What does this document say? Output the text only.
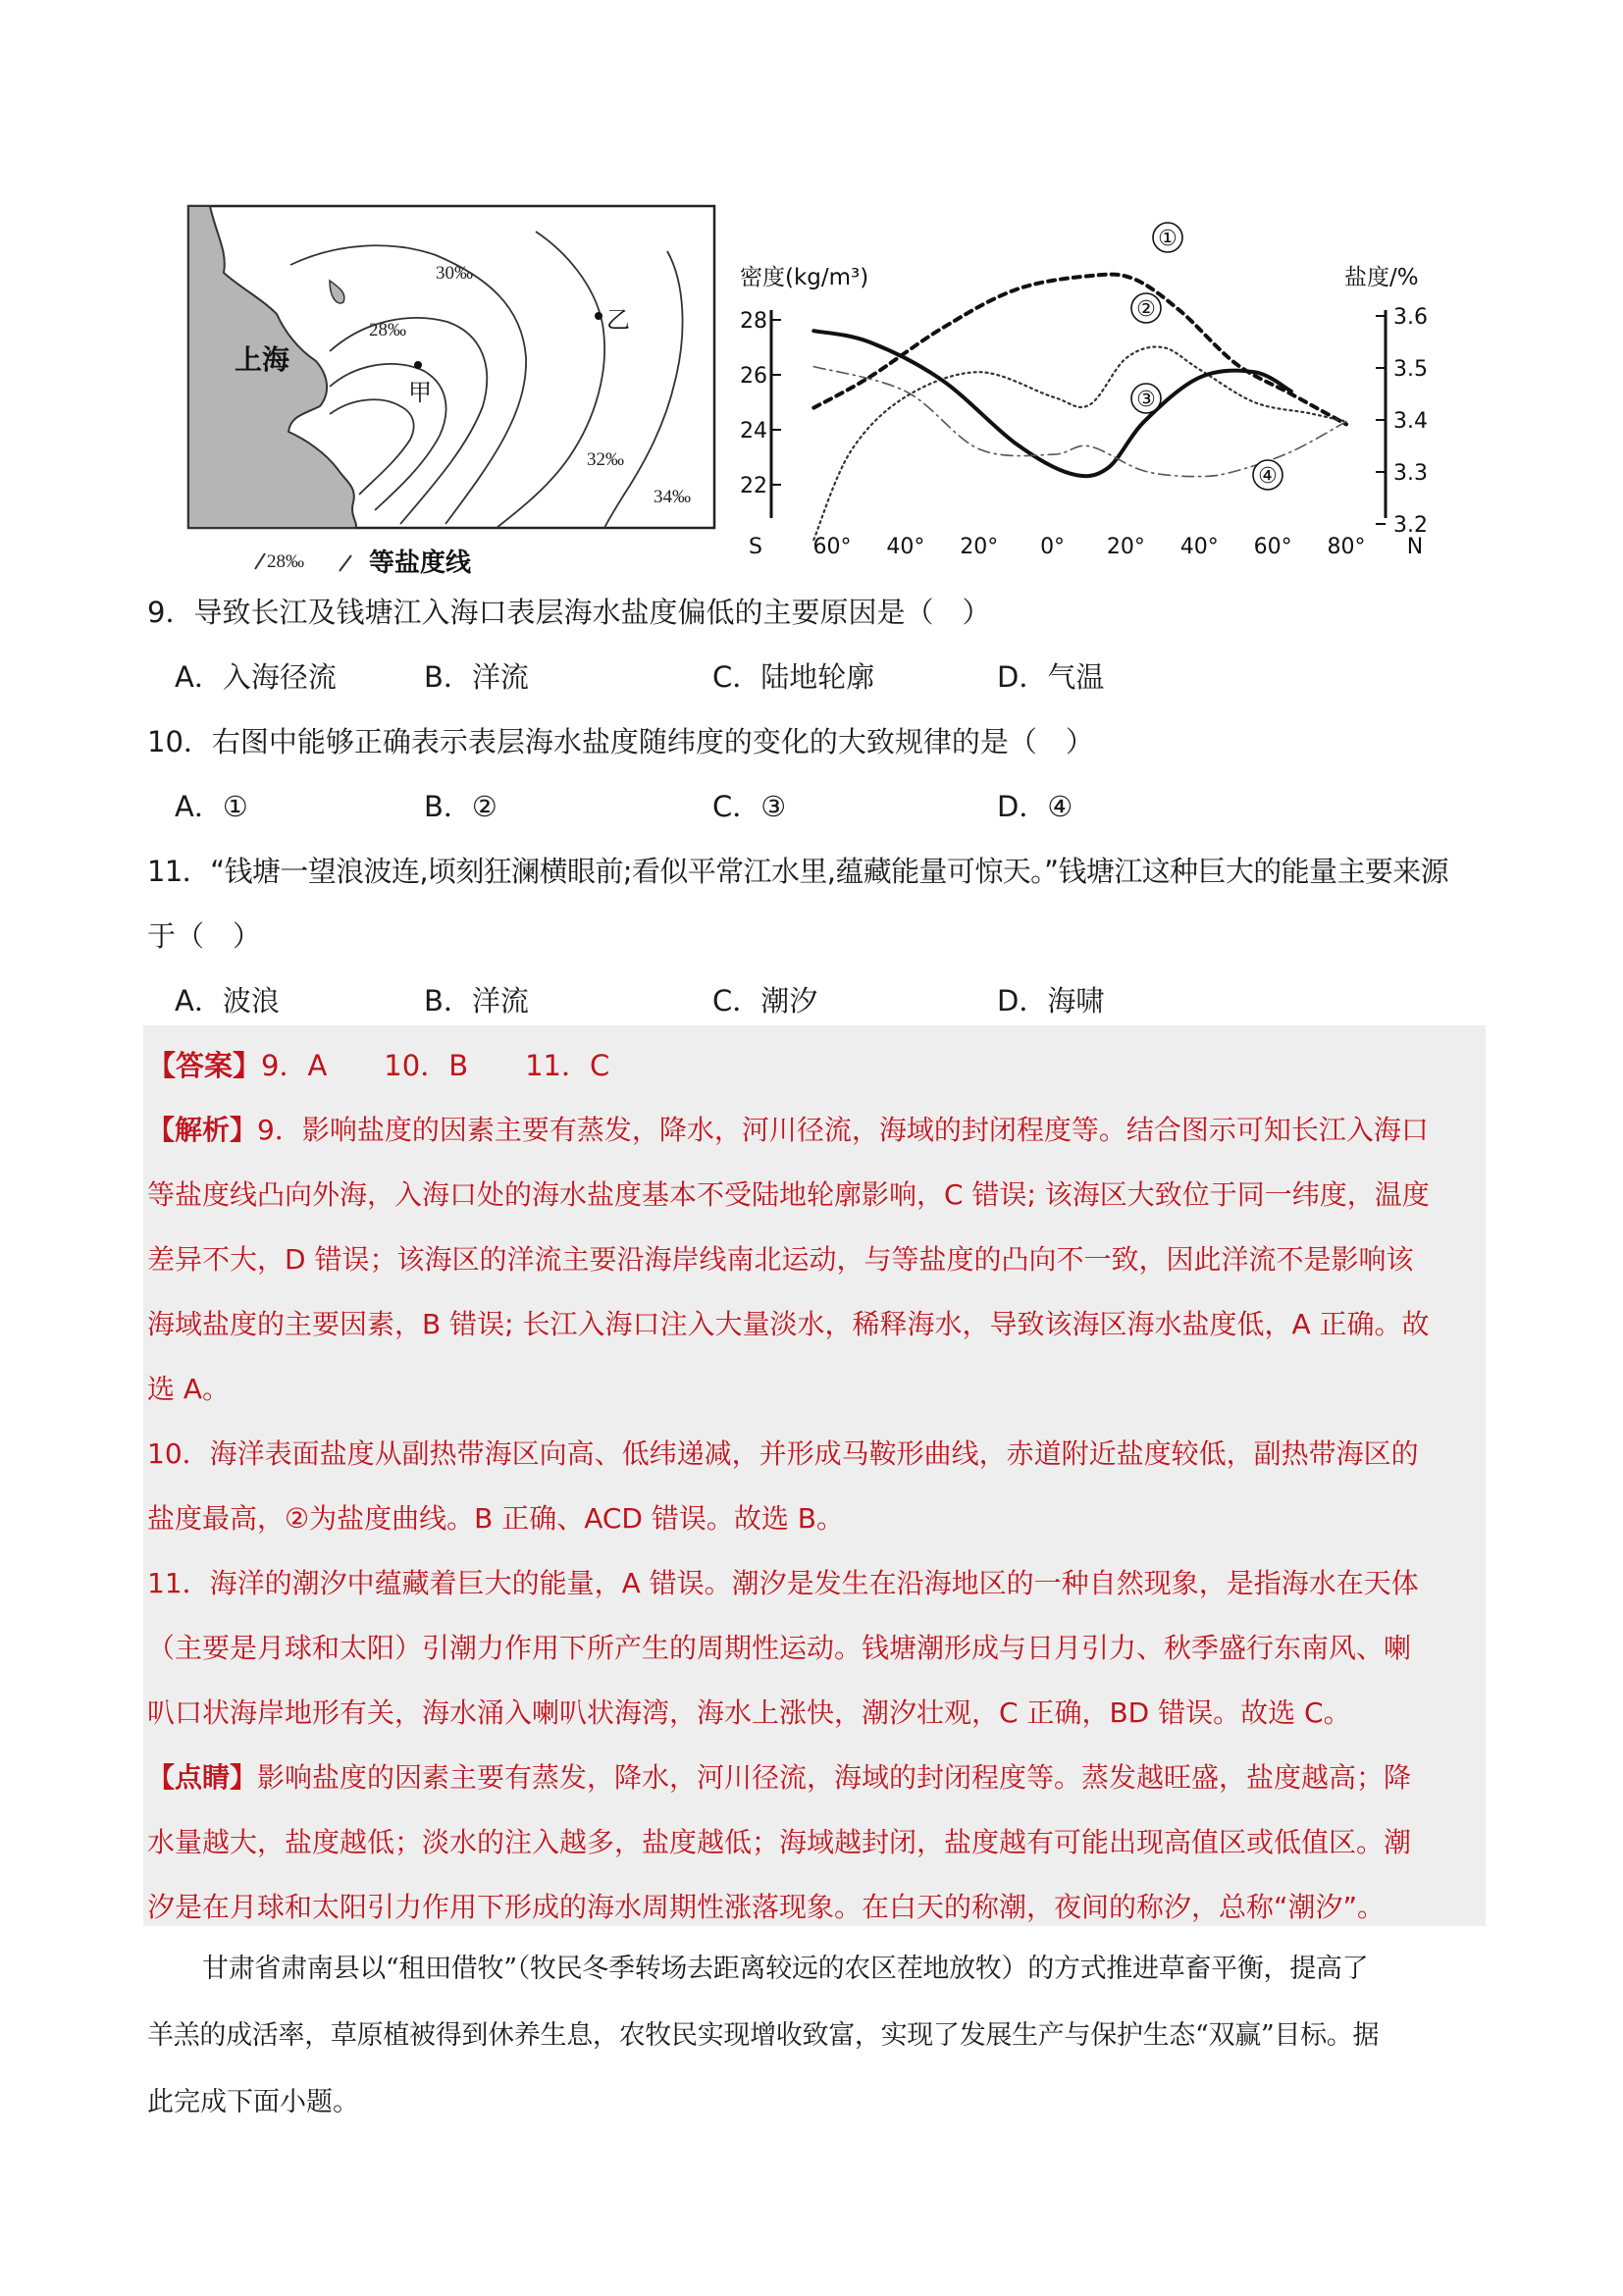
上海
甲
乙
28‰
30‰
32‰
34‰
28‰	等盐度线
密度(kg/m³)	盐度/%
28
26
24
22
3.6
3.5
3.4
3.3
3.2
S 60° 40° 20° 0° 20° 40° 60° 80° N
①
②
③
④
9．导致长江及钱塘江入海口表层海水盐度偏低的主要原因是（　）
A．入海径流	B．洋流	C．陆地轮廓	D．气温
10．右图中能够正确表示表层海水盐度随纬度的变化的大致规律的是（　）
A．①	B．②	C．③	D．④
11．“钱塘一望浪波连,顷刻狂澜横眼前;看似平常江水里,蕴藏能量可惊天。”钱塘江这种巨大的能量主要来源
于（　）
A．波浪	B．洋流	C．潮汐	D．海啸
【答案】9．A　　10．B　　11．C
【解析】9．影响盐度的因素主要有蒸发，降水，河川径流，海域的封闭程度等。结合图示可知长江入海口
等盐度线凸向外海，入海口处的海水盐度基本不受陆地轮廓影响，C 错误; 该海区大致位于同一纬度，温度
差异不大，D 错误；该海区的洋流主要沿海岸线南北运动，与等盐度的凸向不一致，因此洋流不是影响该
海域盐度的主要因素，B 错误; 长江入海口注入大量淡水，稀释海水，导致该海区海水盐度低，A 正确。故
选 A。
10．海洋表面盐度从副热带海区向高、低纬递减，并形成马鞍形曲线，赤道附近盐度较低，副热带海区的
盐度最高，②为盐度曲线。B 正确、ACD 错误。故选 B。
11．海洋的潮汐中蕴藏着巨大的能量，A 错误。潮汐是发生在沿海地区的一种自然现象，是指海水在天体
（主要是月球和太阳）引潮力作用下所产生的周期性运动。钱塘潮形成与日月引力、秋季盛行东南风、喇
叭口状海岸地形有关，海水涌入喇叭状海湾，海水上涨快，潮汐壮观，C 正确，BD 错误。故选 C。
【点睛】影响盐度的因素主要有蒸发，降水，河川径流，海域的封闭程度等。蒸发越旺盛，盐度越高；降
水量越大，盐度越低；淡水的注入越多，盐度越低；海域越封闭，盐度越有可能出现高值区或低值区。潮
汐是在月球和太阳引力作用下形成的海水周期性涨落现象。在白天的称潮，夜间的称汐，总称“潮汐”。
甘肃省肃南县以“租田借牧”（牧民冬季转场去距离较远的农区茬地放牧）的方式推进草畜平衡，提高了
羊羔的成活率，草原植被得到休养生息，农牧民实现增收致富，实现了发展生产与保护生态“双赢”目标。据
此完成下面小题。
